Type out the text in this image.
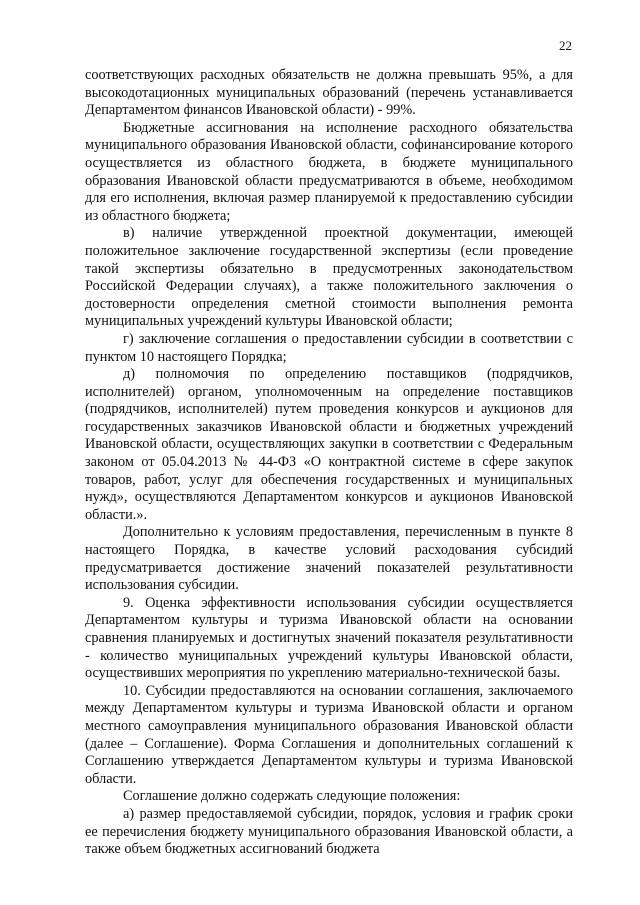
22

соответствующих расходных обязательств не должна превышать 95%, а для высокодотационных муниципальных образований (перечень устанавливается Департаментом финансов Ивановской области) - 99%.

Бюджетные ассигнования на исполнение расходного обязательства муниципального образования Ивановской области, софинансирование которого осуществляется из областного бюджета, в бюджете муниципального образования Ивановской области предусматриваются в объеме, необходимом для его исполнения, включая размер планируемой к предоставлению субсидии из областного бюджета;

в) наличие утвержденной проектной документации, имеющей положительное заключение государственной экспертизы (если проведение такой экспертизы обязательно в предусмотренных законодательством Российской Федерации случаях), а также положительного заключения о достоверности определения сметной стоимости выполнения ремонта муниципальных учреждений культуры Ивановской области;

г) заключение соглашения о предоставлении субсидии в соответствии с пунктом 10 настоящего Порядка;

д) полномочия по определению поставщиков (подрядчиков, исполнителей) органом, уполномоченным на определение поставщиков (подрядчиков, исполнителей) путем проведения конкурсов и аукционов для государственных заказчиков Ивановской области и бюджетных учреждений Ивановской области, осуществляющих закупки в соответствии с Федеральным законом от 05.04.2013 № 44-ФЗ «О контрактной системе в сфере закупок товаров, работ, услуг для обеспечения государственных и муниципальных нужд», осуществляются Департаментом конкурсов и аукционов Ивановской области.».

Дополнительно к условиям предоставления, перечисленным в пункте 8 настоящего Порядка, в качестве условий расходования субсидий предусматривается достижение значений показателей результативности использования субсидии.

9. Оценка эффективности использования субсидии осуществляется Департаментом культуры и туризма Ивановской области на основании сравнения планируемых и достигнутых значений показателя результативности - количество муниципальных учреждений культуры Ивановской области, осуществивших мероприятия по укреплению материально-технической базы.

10. Субсидии предоставляются на основании соглашения, заключаемого между Департаментом культуры и туризма Ивановской области и органом местного самоуправления муниципального образования Ивановской области (далее – Соглашение). Форма Соглашения и дополнительных соглашений к Соглашению утверждается Департаментом культуры и туризма Ивановской области.

Соглашение должно содержать следующие положения:

а) размер предоставляемой субсидии, порядок, условия и график сроки ее перечисления бюджету муниципального образования Ивановской области, а также объем бюджетных ассигнований бюджета
